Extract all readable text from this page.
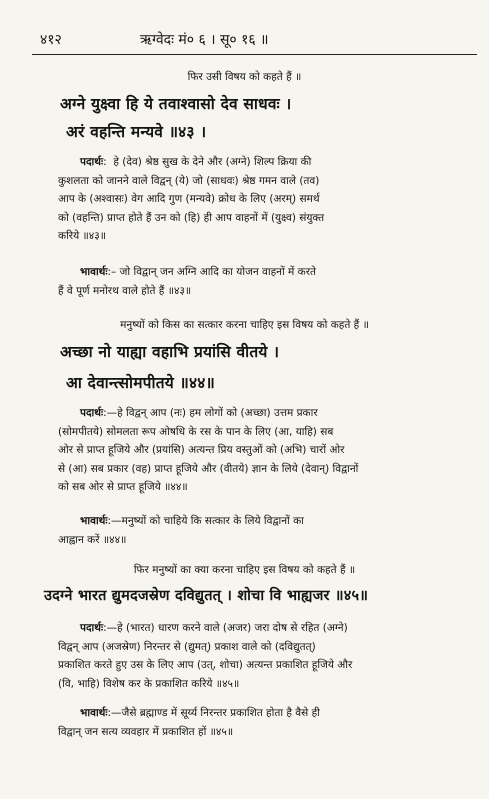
४१२	ऋग्वेदः मं० ६ । सू० १६ ॥
फिर उसी विषय को कहते हैं ॥
अग्ने युक्ष्वा हि ये तवाश्वासो देव साधवः ।
अरं वहन्ति मन्यवे ॥४३ ।
पदार्थः:  हे (देव) श्रेष्ठ सुख के देने और (अग्ने) शिल्प क्रिया की
कुशलता को जानने वाले विद्वन् (ये) जो (साधवः) श्रेष्ठ गमन वाले (तव)
आप के (अश्वासः) वेग आदि गुण (मन्यवे) क्रोध के लिए (अरम्) समर्थ
को (वहन्ति) प्राप्त होते हैं उन को (हि) ही आप वाहनों में (युक्ष्व) संयुक्त
करिये ॥४३॥
भावार्थः:– जो विद्वान् जन अग्नि आदि का योजन वाहनों में करते
हैं वे पूर्ण मनोरथ वाले होते हैं ॥४३॥
मनुष्यों को किस का सत्कार करना चाहिए इस विषय को कहते हैं ॥
अच्छा नो याह्या वहाभि प्रयांसि वीतये ।
आ देवान्त्सोमपीतये ॥४४॥
पदार्थः:—हे विद्वन् आप (नः) हम लोगों को (अच्छा) उत्तम प्रकार
(सोमपीतये) सोमलता रूप ओषधि के रस के पान के लिए (आ, याहि) सब
ओर से प्राप्त हूजिये और (प्रयांसि) अत्यन्त प्रिय वस्तुओं को (अभि) चारों ओर
से (आ) सब प्रकार (वह) प्राप्त हूजिये और (वीतये) ज्ञान के लिये (देवान्) विद्वानों
को सब ओर से प्राप्त हूजिये ॥४४॥
भावार्थः:—मनुष्यों को चाहिये कि सत्कार के लिये विद्वानों का
आह्वान करें ॥४४॥
फिर मनुष्यों का क्या करना चाहिए इस विषय को कहते हैं ॥
उदग्ने भारत द्युमदजस्रेण दविद्युतत् । शोचा वि भाह्यजर ॥४५॥
पदार्थः:—हे (भारत) धारण करने वाले (अजर) जरा दोष से रहित (अग्ने)
विद्वन् आप (अजस्रेण) निरन्तर से (द्युमत्) प्रकाश वाले को (दविद्युतत्)
प्रकाशित करते हुए उस के लिए आप (उत्, शोचा) अत्यन्त प्रकाशित हूजिये और
(वि, भाहि) विशेष कर के प्रकाशित करिये ॥४५॥
भावार्थः:—जैसे ब्रह्माण्ड में सूर्य्य निरन्तर प्रकाशित होता है वैसे ही
विद्वान् जन सत्य व्यवहार में प्रकाशित हों ॥४५॥
